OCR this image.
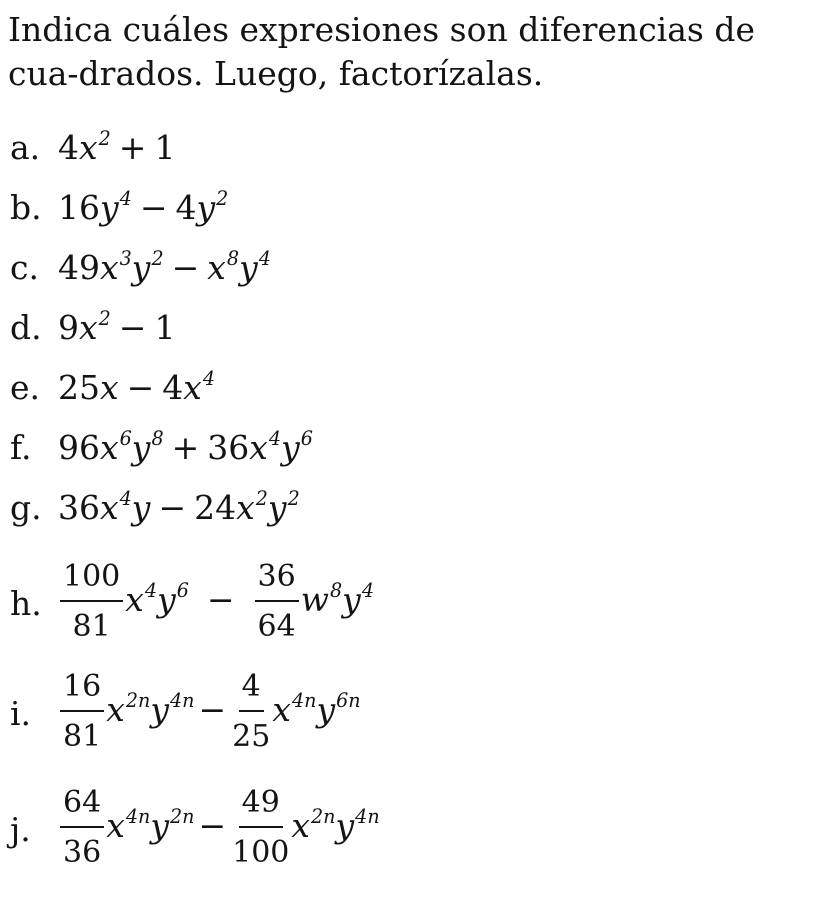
Indica cuáles expresiones son diferencias de cua-drados. Luego, factorízalas.

a. $4x^2 + 1$
b. $16y^4 - 4y^2$
c. $49x^3y^2 - x^8y^4$
d. $9x^2 - 1$
e. $25x - 4x^4$
f. $96x^6y^8 + 36x^4y^6$
g. $36x^4y - 24x^2y^2$
h. $\frac{100}{81} x^4y^6 - \frac{36}{64} w^8y^4$
i. $\frac{16}{81} x^{2n}y^{4n} - \frac{4}{25} x^{4n}y^{6n}$
j. $\frac{64}{36} x^{4n}y^{2n} - \frac{49}{100} x^{2n}y^{4n}$
